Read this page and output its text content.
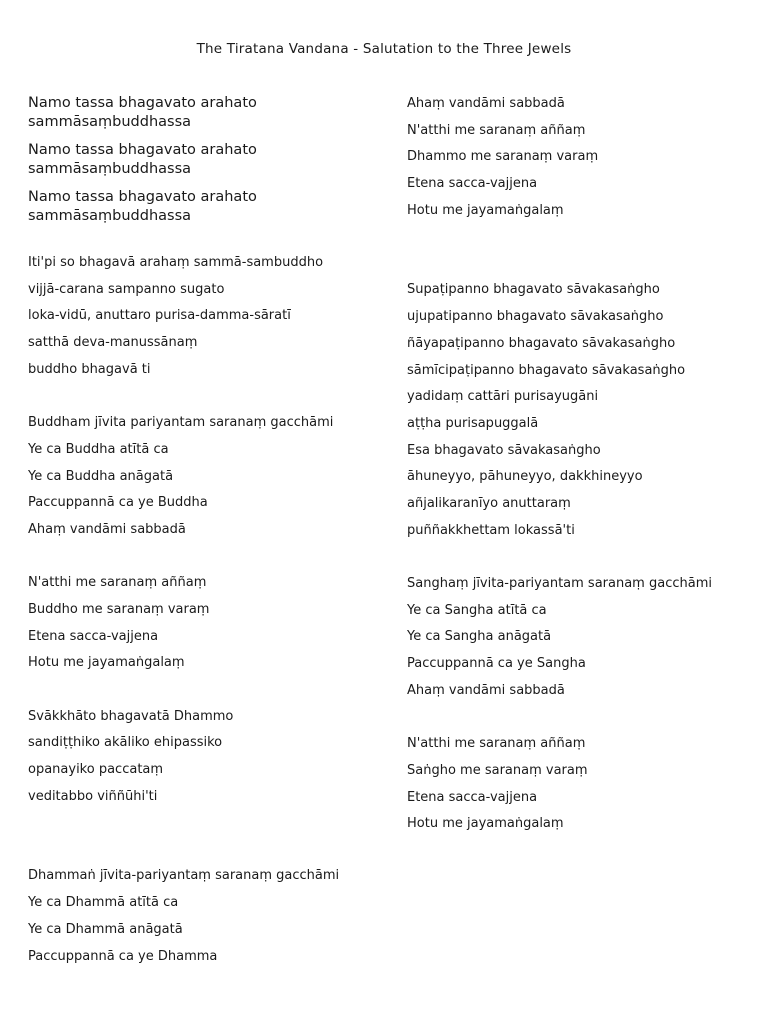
The Tiratana Vandana - Salutation to the Three Jewels
Namo tassa bhagavato arahato sammāsaṃbuddhassa
Namo tassa bhagavato arahato sammāsaṃbuddhassa
Namo tassa bhagavato arahato sammāsaṃbuddhassa
Iti'pi so bhagavā arahaṃ sammā-sambuddho
vijjā-carana sampanno sugato
loka-vidū, anuttaro purisa-damma-sāratī
satthā deva-manussānaṃ
buddho bhagavā ti
Buddham jīvita pariyantam saranaṃ gacchāmi
Ye ca Buddha atītā ca
Ye ca Buddha anāgatā
Paccuppannā ca ye Buddha
Ahaṃ vandāmi sabbadā
N'atthi me saranaṃ aññaṃ
Buddho me saranaṃ varaṃ
Etena sacca-vajjena
Hotu me jayamaṅgalaṃ
Svākkhāto bhagavatā Dhammo
sandiṭṭhiko akāliko ehipassiko
opanayiko paccataṃ
veditabbo viññūhi'ti
Dhammaṅ jīvita-pariyantaṃ saranaṃ gacchāmi
Ye ca Dhammā atītā ca
Ye ca Dhammā anāgatā
Paccuppannā ca ye Dhamma
Ahaṃ vandāmi sabbadā
N'atthi me saranaṃ aññaṃ
Dhammo me saranaṃ varaṃ
Etena sacca-vajjena
Hotu me jayamaṅgalaṃ
Supaṭipanno bhagavato sāvakasaṅgho
ujupatipanno bhagavato sāvakasaṅgho
ñāyapaṭipanno bhagavato sāvakasaṅgho
sāmīcipaṭipanno bhagavato sāvakasaṅgho
yadidaṃ cattāri purisayugāni
aṭṭha purisapuggalā
Esa bhagavato sāvakasaṅgho
āhuneyyo, pāhuneyyo, dakkhineyyo
añjalikaranīyo anuttaraṃ
puññakkhettam lokassā'ti
Sanghaṃ jīvita-pariyantam saranaṃ gacchāmi
Ye ca Sangha atītā ca
Ye ca Sangha anāgatā
Paccuppannā ca ye Sangha
Ahaṃ vandāmi sabbadā
N'atthi me saranaṃ aññaṃ
Saṅgho me saranaṃ varaṃ
Etena sacca-vajjena
Hotu me jayamaṅgalaṃ
